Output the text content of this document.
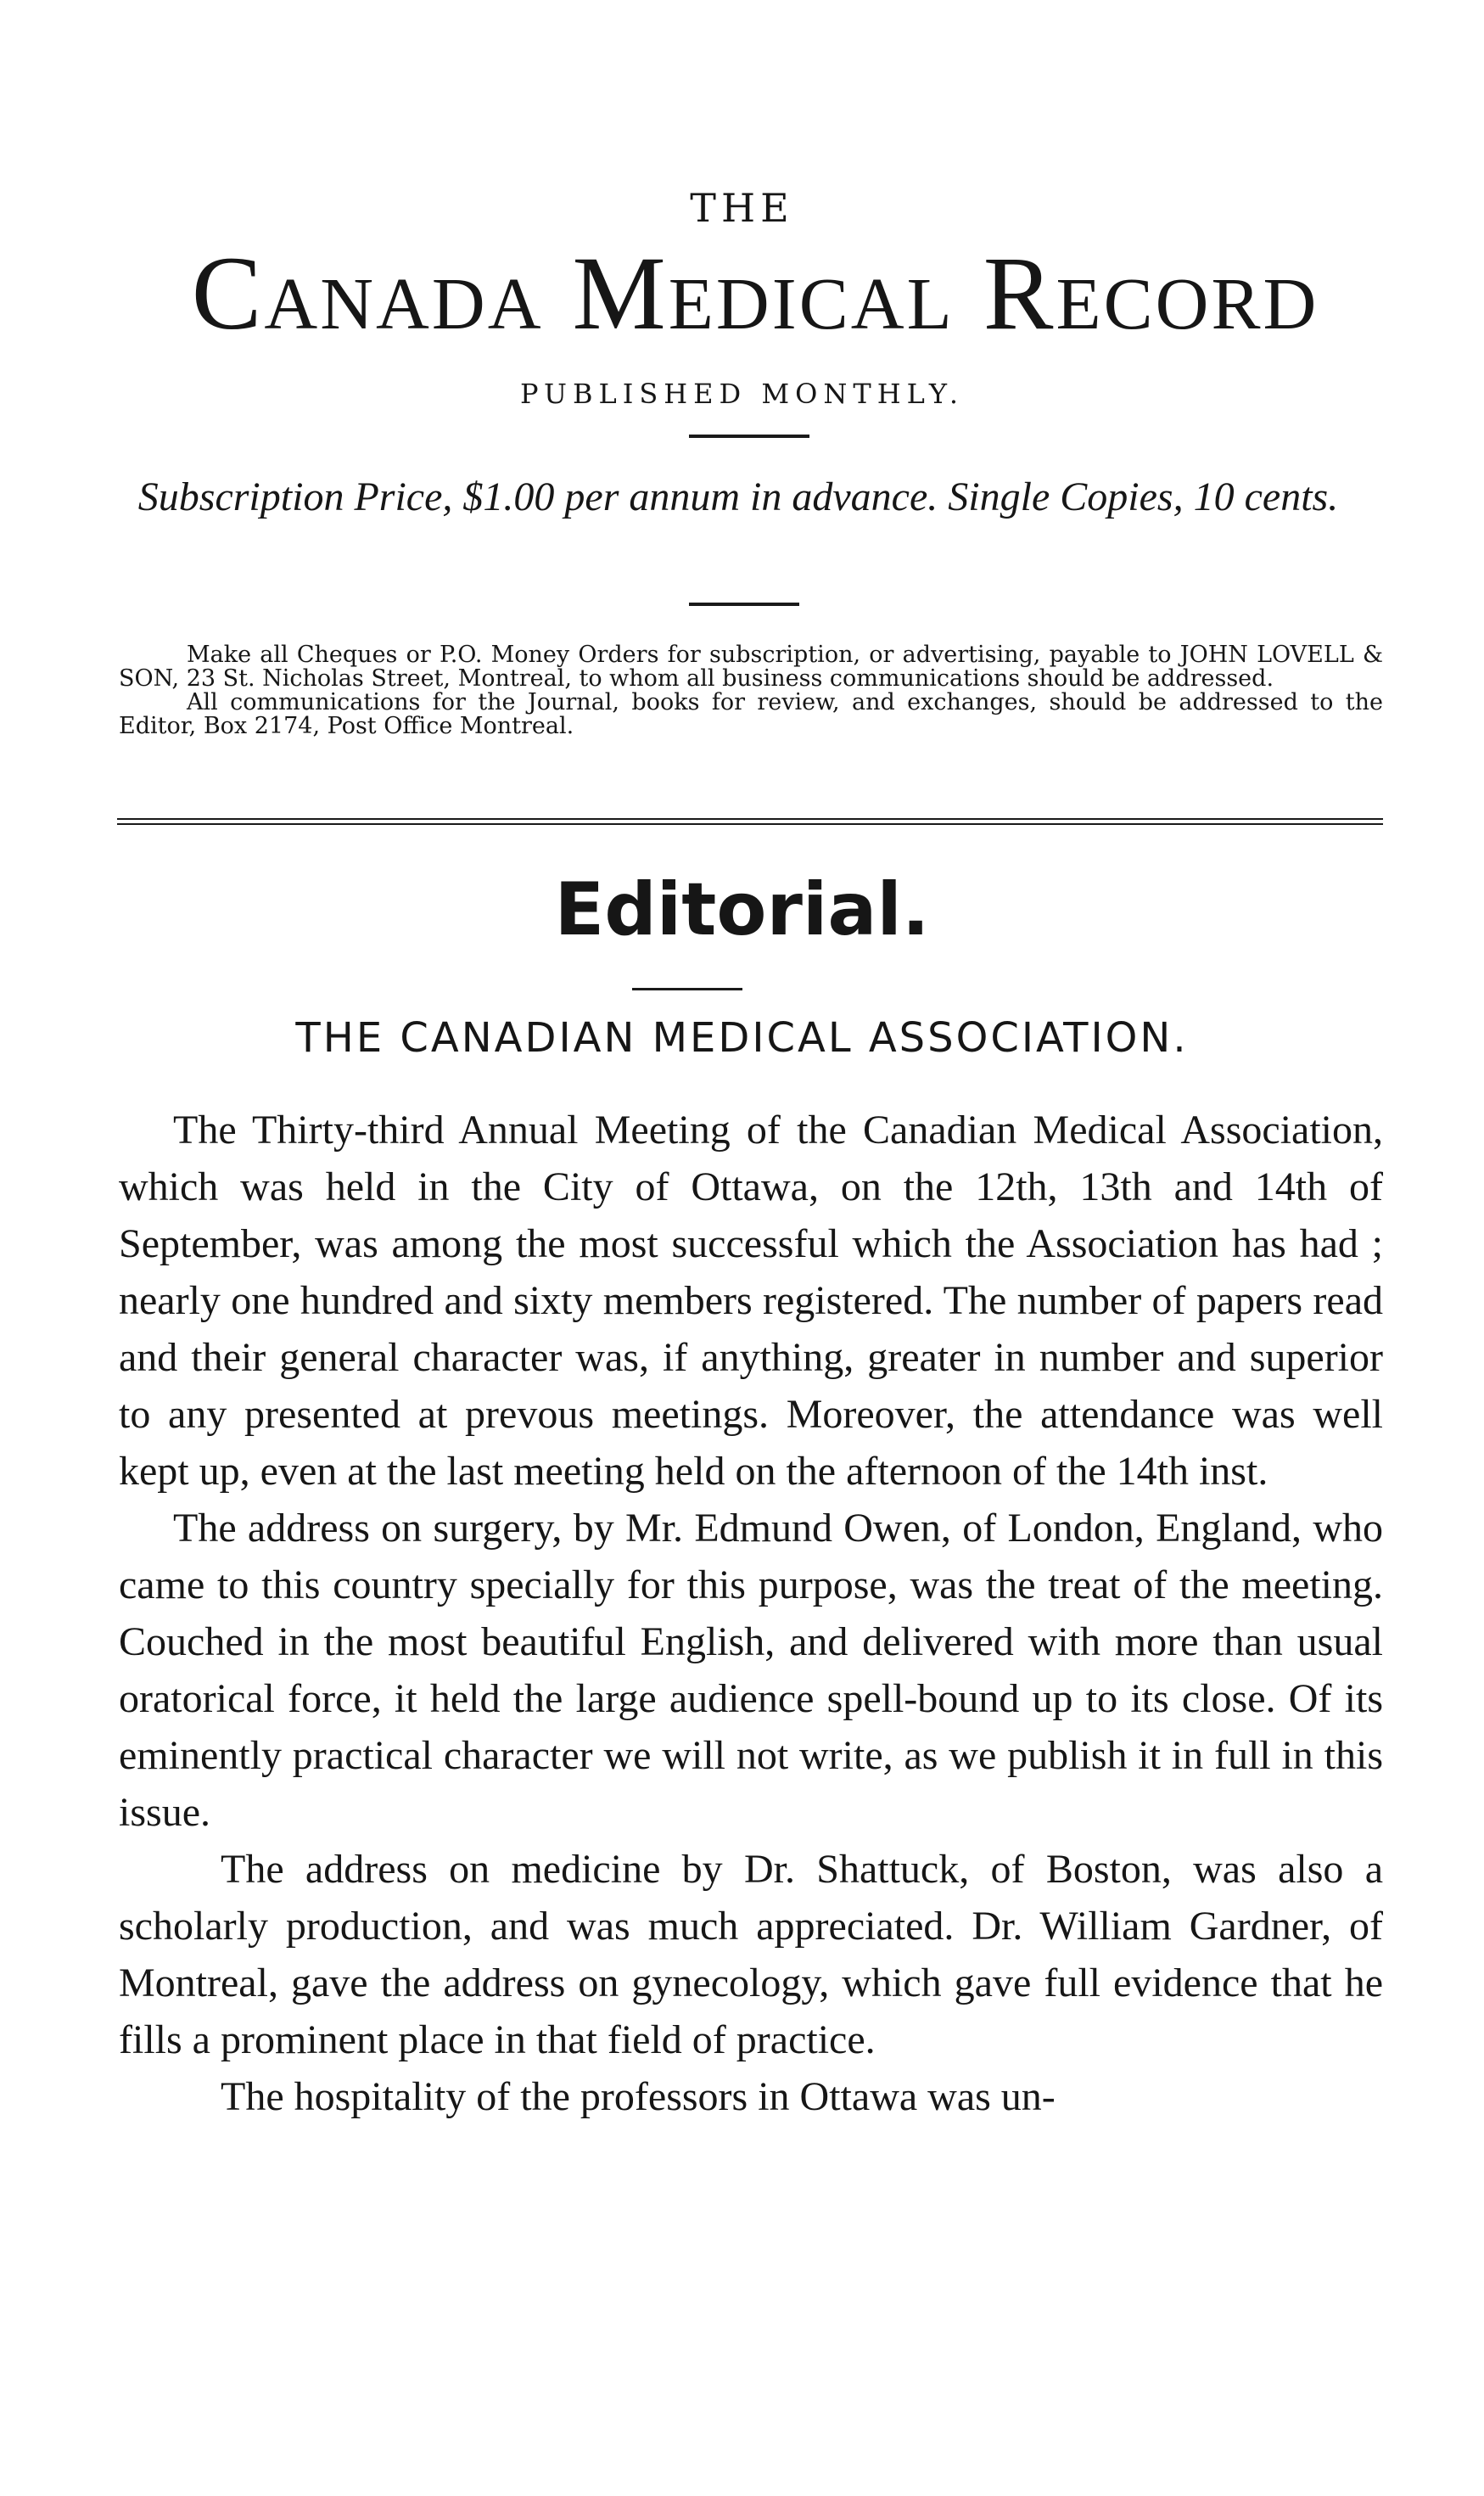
THE
Canada Medical Record
PUBLISHED MONTHLY.
Subscription Price, $1.00 per annum in advance. Single Copies, 10 cents.

Make all Cheques or P.O. Money Orders for subscription, or advertising, payable to JOHN LOVELL & SON, 23 St. Nicholas Street, Montreal, to whom all business communications should be addressed.

All communications for the Journal, books for review, and exchanges, should be addressed to the Editor, Box 2174, Post Office Montreal.

Editorial.
THE CANADIAN MEDICAL ASSOCIATION.

The Thirty-third Annual Meeting of the Canadian Medical Association, which was held in the City of Ottawa, on the 12th, 13th and 14th of September, was among the most successful which the Association has had ; nearly one hundred and sixty members registered. The number of papers read and their general character was, if anything, greater in number and superior to any presented at prevous meetings. Moreover, the attendance was well kept up, even at the last meeting held on the afternoon of the 14th inst.

The address on surgery, by Mr. Edmund Owen, of London, England, who came to this country specially for this purpose, was the treat of the meeting. Couched in the most beautiful English, and delivered with more than usual oratorical force, it held the large audience spell-bound up to its close. Of its eminently practical character we will not write, as we publish it in full in this issue.

The address on medicine by Dr. Shattuck, of Boston, was also a scholarly production, and was much appreciated. Dr. William Gardner, of Montreal, gave the address on gynecology, which gave full evidence that he fills a prominent place in that field of practice.

The hospitality of the professors in Ottawa was un-
